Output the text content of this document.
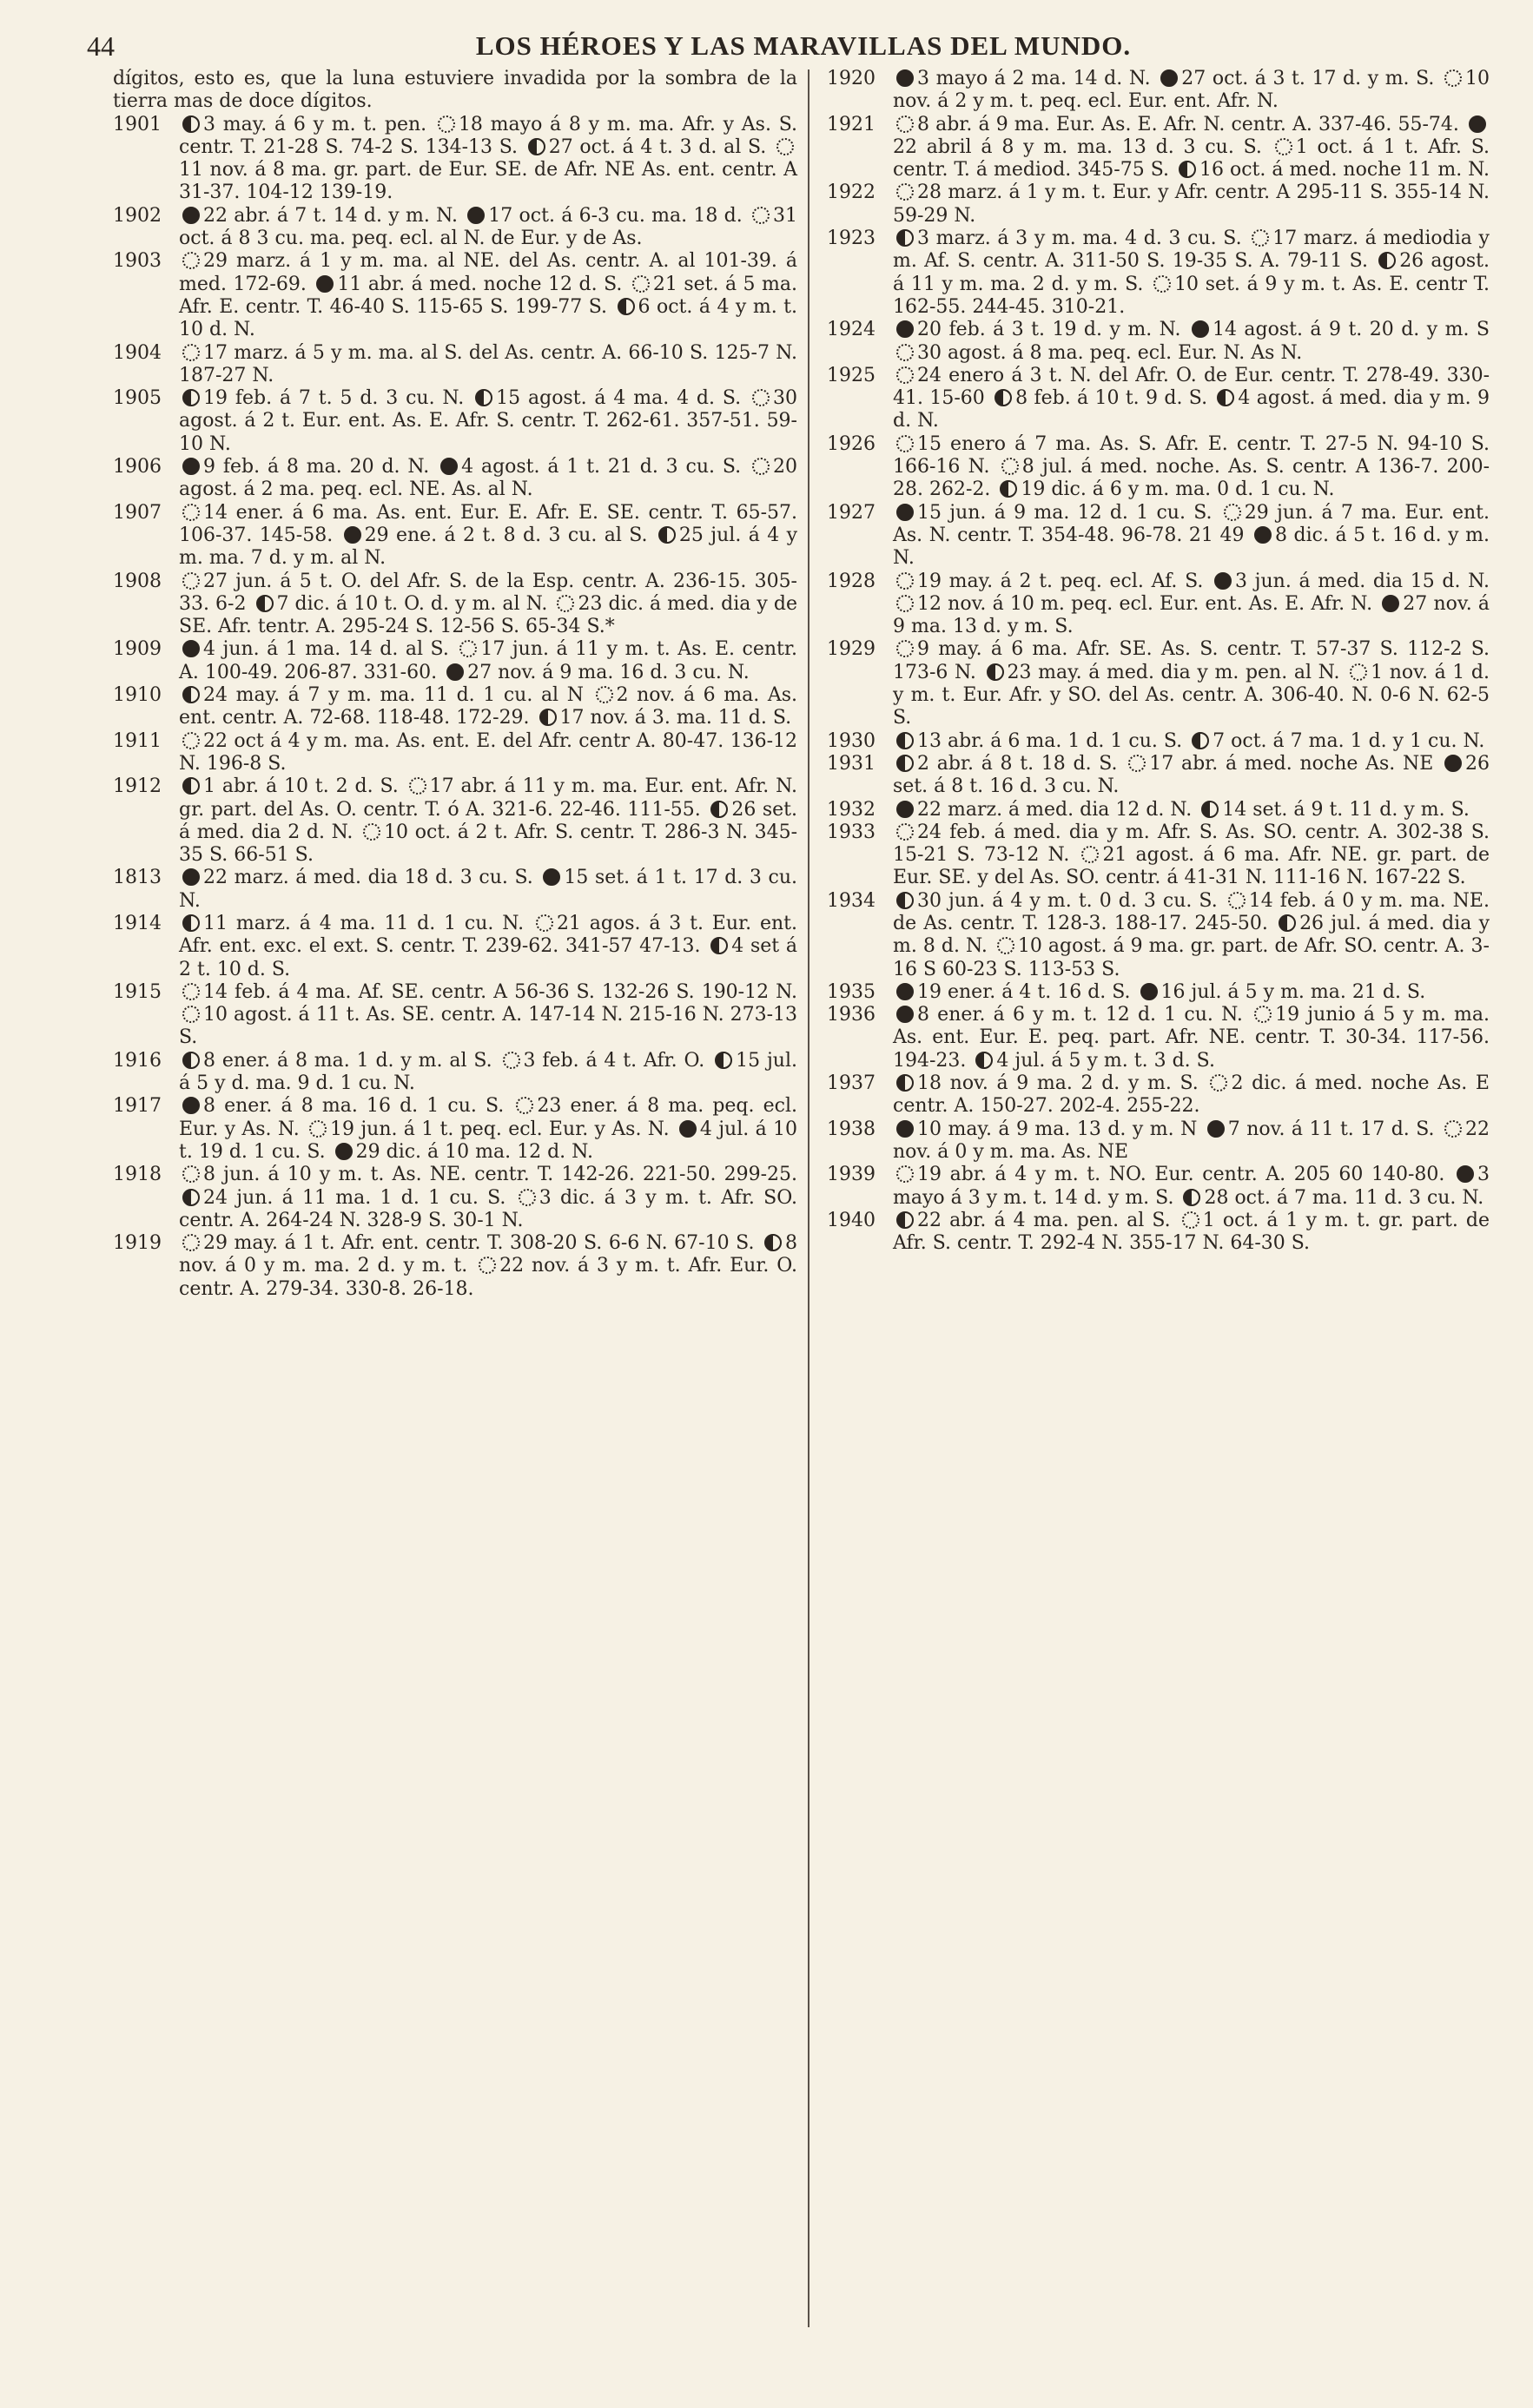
44	LOS HÉROES Y LAS MARAVILLAS DEL MUNDO.

dígitos, esto es, que la luna estuviere invadida por la sombra de la tierra mas de doce dígitos.

1901	3 may. á 6 y m. t. pen. 18 mayo á 8 y m. ma. Afr. y As. S. centr. T. 21-28 S. 74-2 S. 134-13 S. 27 oct. á 4 t. 3 d. al S. 11 nov. á 8 ma. gr. part. de Eur. SE. de Afr. NE As. ent. centr. A 31-37. 104-12 139-19.
1902	22 abr. á 7 t. 14 d. y m. N. 17 oct. á 6-3 cu. ma. 18 d. 31 oct. á 8 3 cu. ma. peq. ecl. al N. de Eur. y de As.
1903	29 marz. á 1 y m. ma. al NE. del As. centr. A. al 101-39. á med. 172-69. 11 abr. á med. noche 12 d. S. 21 set. á 5 ma. Afr. E. centr. T. 46-40 S. 115-65 S. 199-77 S. 6 oct. á 4 y m. t. 10 d. N.
1904	17 marz. á 5 y m. ma. al S. del As. centr. A. 66-10 S. 125-7 N. 187-27 N.
1905	19 feb. á 7 t. 5 d. 3 cu. N. 15 agost. á 4 ma. 4 d. S. 30 agost. á 2 t. Eur. ent. As. E. Afr. S. centr. T. 262-61. 357-51. 59-10 N.
1906	9 feb. á 8 ma. 20 d. N. 4 agost. á 1 t. 21 d. 3 cu. S. 20 agost. á 2 ma. peq. ecl. NE. As. al N.
1907	14 ener. á 6 ma. As. ent. Eur. E. Afr. E. SE. centr. T. 65-57. 106-37. 145-58. 29 ene. á 2 t. 8 d. 3 cu. al S. 25 jul. á 4 y m. ma. 7 d. y m. al N.
1908	27 jun. á 5 t. O. del Afr. S. de la Esp. centr. A. 236-15. 305-33. 6-2 7 dic. á 10 t. O. d. y m. al N. 23 dic. á med. dia y de SE. Afr. tentr. A. 295-24 S. 12-56 S. 65-34 S.*
1909	4 jun. á 1 ma. 14 d. al S. 17 jun. á 11 y m. t. As. E. centr. A. 100-49. 206-87. 331-60. 27 nov. á 9 ma. 16 d. 3 cu. N.
1910	24 may. á 7 y m. ma. 11 d. 1 cu. al N 2 nov. á 6 ma. As. ent. centr. A. 72-68. 118-48. 172-29. 17 nov. á 3. ma. 11 d. S.
1911	22 oct á 4 y m. ma. As. ent. E. del Afr. centr A. 80-47. 136-12 N. 196-8 S.
1912	1 abr. á 10 t. 2 d. S. 17 abr. á 11 y m. ma. Eur. ent. Afr. N. gr. part. del As. O. centr. T. ó A. 321-6. 22-46. 111-55. 26 set. á med. dia 2 d. N. 10 oct. á 2 t. Afr. S. centr. T. 286-3 N. 345-35 S. 66-51 S.
1813	22 marz. á med. dia 18 d. 3 cu. S. 15 set. á 1 t. 17 d. 3 cu. N.
1914	11 marz. á 4 ma. 11 d. 1 cu. N. 21 agos. á 3 t. Eur. ent. Afr. ent. exc. el ext. S. centr. T. 239-62. 341-57 47-13. 4 set á 2 t. 10 d. S.
1915	14 feb. á 4 ma. Af. SE. centr. A 56-36 S. 132-26 S. 190-12 N. 10 agost. á 11 t. As. SE. centr. A. 147-14 N. 215-16 N. 273-13 S.
1916	8 ener. á 8 ma. 1 d. y m. al S. 3 feb. á 4 t. Afr. O. 15 jul. á 5 y d. ma. 9 d. 1 cu. N.
1917	8 ener. á 8 ma. 16 d. 1 cu. S. 23 ener. á 8 ma. peq. ecl. Eur. y As. N. 19 jun. á 1 t. peq. ecl. Eur. y As. N. 4 jul. á 10 t. 19 d. 1 cu. S. 29 dic. á 10 ma. 12 d. N.
1918	8 jun. á 10 y m. t. As. NE. centr. T. 142-26. 221-50. 299-25. 24 jun. á 11 ma. 1 d. 1 cu. S. 3 dic. á 3 y m. t. Afr. SO. centr. A. 264-24 N. 328-9 S. 30-1 N.
1919	29 may. á 1 t. Afr. ent. centr. T. 308-20 S. 6-6 N. 67-10 S. 8 nov. á 0 y m. ma. 2 d. y m. t. 22 nov. á 3 y m. t. Afr. Eur. O. centr. A. 279-34. 330-8. 26-18.
1920	3 mayo á 2 ma. 14 d. N. 27 oct. á 3 t. 17 d. y m. S. 10 nov. á 2 y m. t. peq. ecl. Eur. ent. Afr. N.
1921	8 abr. á 9 ma. Eur. As. E. Afr. N. centr. A. 337-46. 55-74. 22 abril á 8 y m. ma. 13 d. 3 cu. S. 1 oct. á 1 t. Afr. S. centr. T. á mediod. 345-75 S. 16 oct. á med. noche 11 m. N.
1922	28 marz. á 1 y m. t. Eur. y Afr. centr. A 295-11 S. 355-14 N. 59-29 N.
1923	3 marz. á 3 y m. ma. 4 d. 3 cu. S. 17 marz. á mediodia y m. Af. S. centr. A. 311-50 S. 19-35 S. A. 79-11 S. 26 agost. á 11 y m. ma. 2 d. y m. S. 10 set. á 9 y m. t. As. E. centr T. 162-55. 244-45. 310-21.
1924	20 feb. á 3 t. 19 d. y m. N. 14 agost. á 9 t. 20 d. y m. S 30 agost. á 8 ma. peq. ecl. Eur. N. As N.
1925	24 enero á 3 t. N. del Afr. O. de Eur. centr. T. 278-49. 330-41. 15-60 8 feb. á 10 t. 9 d. S. 4 agost. á med. dia y m. 9 d. N.
1926	15 enero á 7 ma. As. S. Afr. E. centr. T. 27-5 N. 94-10 S. 166-16 N. 8 jul. á med. noche. As. S. centr. A 136-7. 200-28. 262-2. 19 dic. á 6 y m. ma. 0 d. 1 cu. N.
1927	15 jun. á 9 ma. 12 d. 1 cu. S. 29 jun. á 7 ma. Eur. ent. As. N. centr. T. 354-48. 96-78. 21 49 8 dic. á 5 t. 16 d. y m. N.
1928	19 may. á 2 t. peq. ecl. Af. S. 3 jun. á med. dia 15 d. N. 12 nov. á 10 m. peq. ecl. Eur. ent. As. E. Afr. N. 27 nov. á 9 ma. 13 d. y m. S.
1929	9 may. á 6 ma. Afr. SE. As. S. centr. T. 57-37 S. 112-2 S. 173-6 N. 23 may. á med. dia y m. pen. al N. 1 nov. á 1 d. y m. t. Eur. Afr. y SO. del As. centr. A. 306-40. N. 0-6 N. 62-5 S.
1930	13 abr. á 6 ma. 1 d. 1 cu. S. 7 oct. á 7 ma. 1 d. y 1 cu. N.
1931	2 abr. á 8 t. 18 d. S. 17 abr. á med. noche As. NE 26 set. á 8 t. 16 d. 3 cu. N.
1932	22 marz. á med. dia 12 d. N. 14 set. á 9 t. 11 d. y m. S.
1933	24 feb. á med. dia y m. Afr. S. As. SO. centr. A. 302-38 S. 15-21 S. 73-12 N. 21 agost. á 6 ma. Afr. NE. gr. part. de Eur. SE. y del As. SO. centr. á 41-31 N. 111-16 N. 167-22 S.
1934	30 jun. á 4 y m. t. 0 d. 3 cu. S. 14 feb. á 0 y m. ma. NE. de As. centr. T. 128-3. 188-17. 245-50. 26 jul. á med. dia y m. 8 d. N. 10 agost. á 9 ma. gr. part. de Afr. SO. centr. A. 3-16 S 60-23 S. 113-53 S.
1935	19 ener. á 4 t. 16 d. S. 16 jul. á 5 y m. ma. 21 d. S.
1936	8 ener. á 6 y m. t. 12 d. 1 cu. N. 19 junio á 5 y m. ma. As. ent. Eur. E. peq. part. Afr. NE. centr. T. 30-34. 117-56. 194-23. 4 jul. á 5 y m. t. 3 d. S.
1937	18 nov. á 9 ma. 2 d. y m. S. 2 dic. á med. noche As. E centr. A. 150-27. 202-4. 255-22.
1938	10 may. á 9 ma. 13 d. y m. N 7 nov. á 11 t. 17 d. S. 22 nov. á 0 y m. ma. As. NE
1939	19 abr. á 4 y m. t. NO. Eur. centr. A. 205 60 140-80. 3 mayo á 3 y m. t. 14 d. y m. S. 28 oct. á 7 ma. 11 d. 3 cu. N.
1940	22 abr. á 4 ma. pen. al S. 1 oct. á 1 y m. t. gr. part. de Afr. S. centr. T. 292-4 N. 355-17 N. 64-30 S.
